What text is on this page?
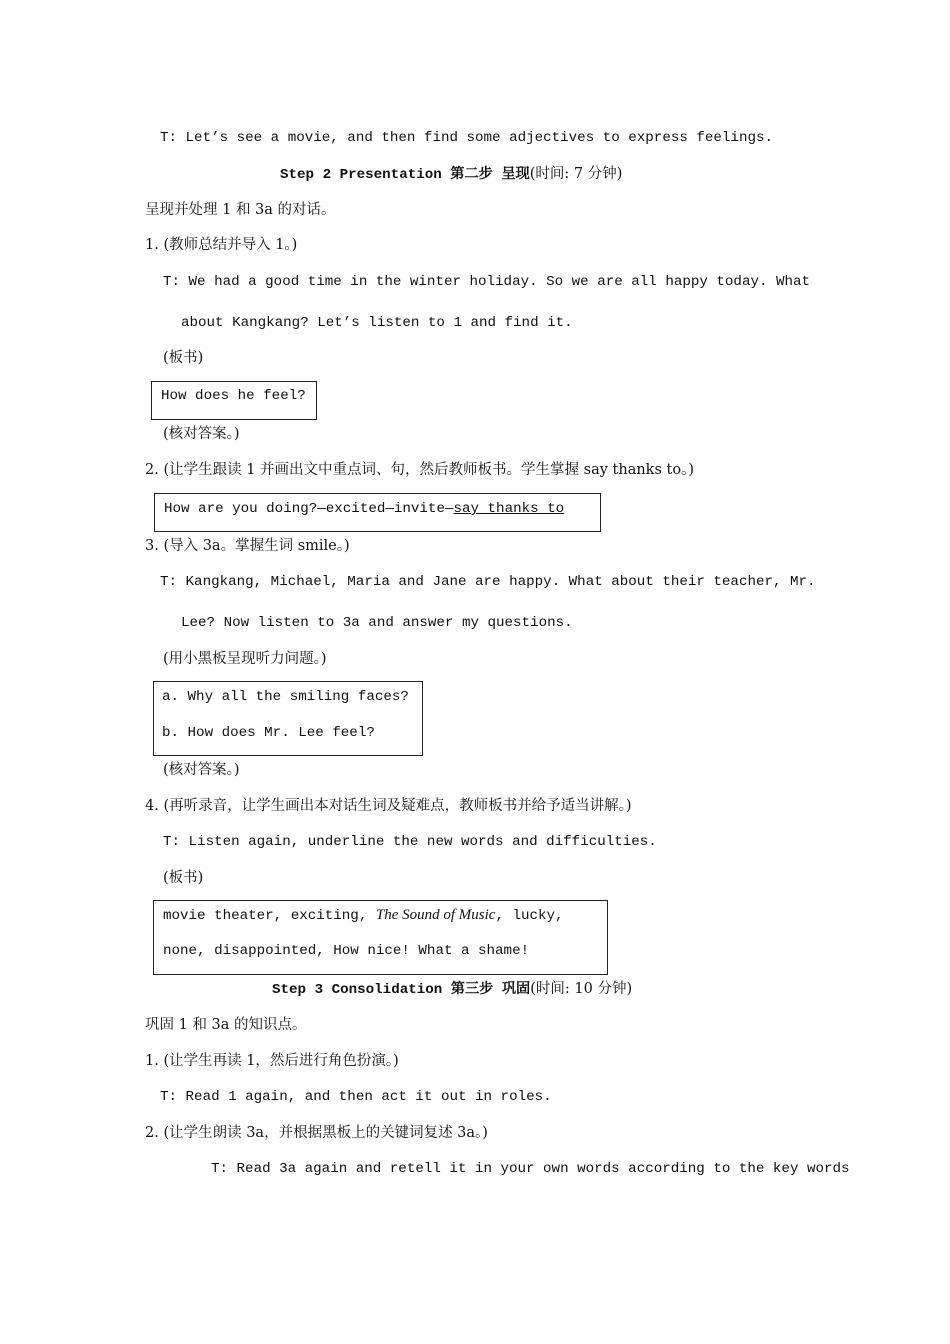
T: Let’s see a movie, and then find some adjectives to express feelings.
Step 2 Presentation 第二步 呈现(时间: 7 分钟)
呈现并处理 1 和 3a 的对话。
1. (教师总结并导入 1。)
T: We had a good time in the winter holiday. So we are all happy today. What
about Kangkang? Let’s listen to 1 and find it.
(板书)
How does he feel?
(核对答案。)
2. (让学生跟读 1 并画出文中重点词、句，然后教师板书。学生掌握 say thanks to。)
How are you doing?—excited—invite—say thanks to
3. (导入 3a。掌握生词 smile。)
T: Kangkang, Michael, Maria and Jane are happy. What about their teacher, Mr.
Lee? Now listen to 3a and answer my questions.
(用小黑板呈现听力问题。)
a. Why all the smiling faces?
b. How does Mr. Lee feel?
(核对答案。)
4. (再听录音，让学生画出本对话生词及疑难点，教师板书并给予适当讲解。)
T: Listen again, underline the new words and difficulties.
(板书)
movie theater, exciting, The Sound of Music, lucky,
none, disappointed, How nice! What a shame!
Step 3 Consolidation 第三步 巩固(时间: 10 分钟)
巩固 1 和 3a 的知识点。
1. (让学生再读 1，然后进行角色扮演。)
T: Read 1 again, and then act it out in roles.
2. (让学生朗读 3a，并根据黑板上的关键词复述 3a。)
T: Read 3a again and retell it in your own words according to the key words
